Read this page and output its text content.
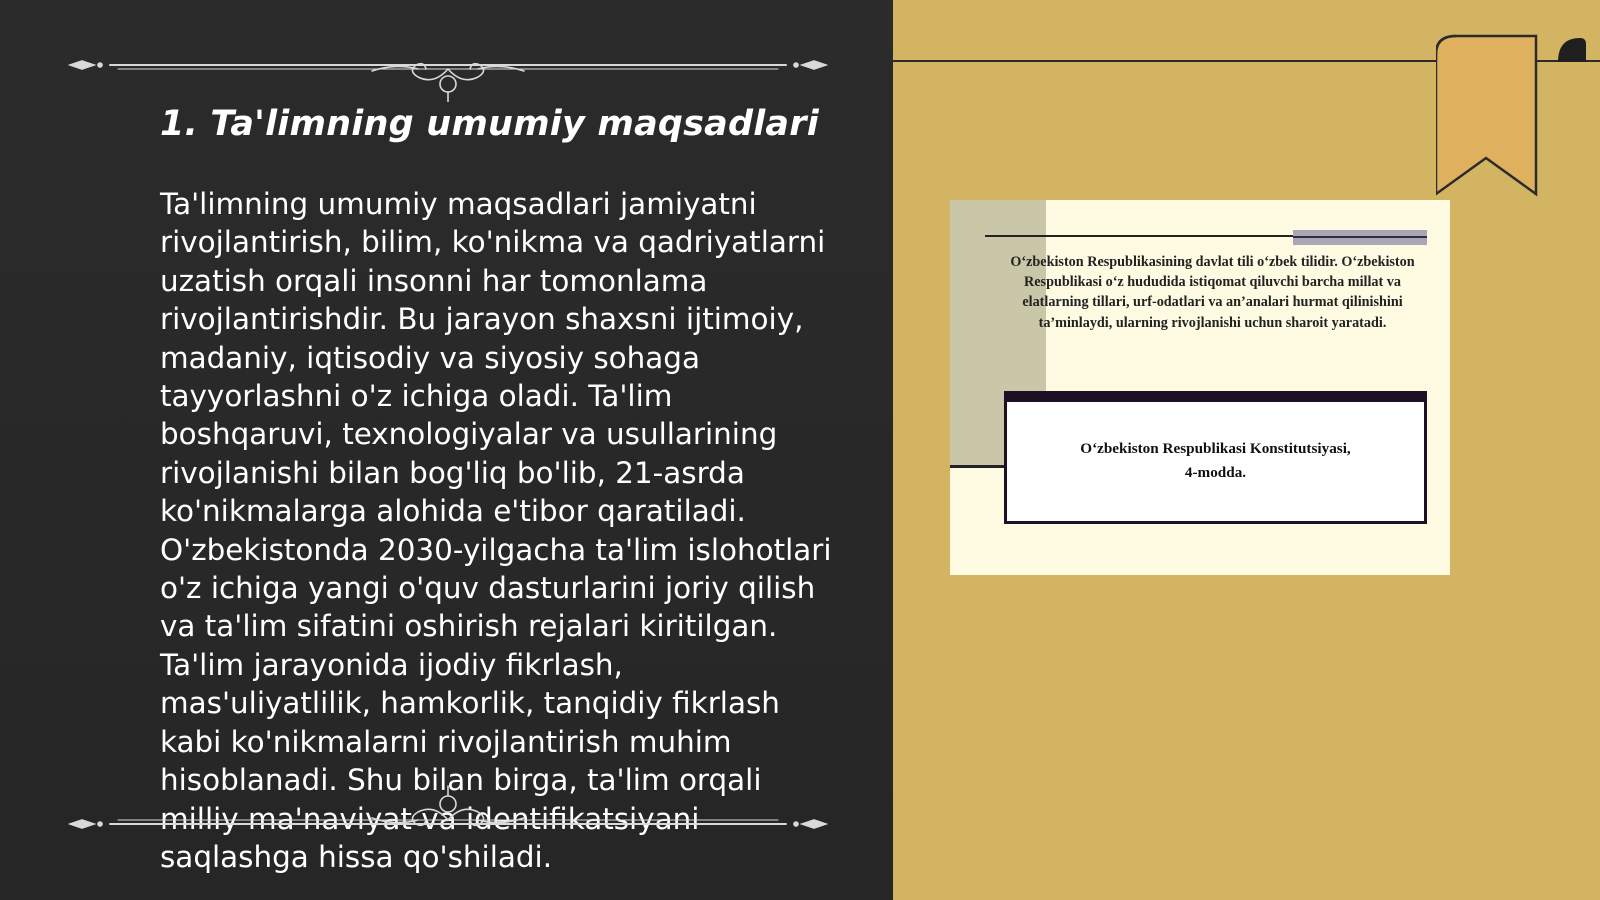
1. Ta'limning umumiy maqsadlari

Ta'limning umumiy maqsadlari jamiyatni rivojlantirish, bilim, ko'nikma va qadriyatlarni uzatish orqali insonni har tomonlama rivojlantirishdir. Bu jarayon shaxsni ijtimoiy, madaniy, iqtisodiy va siyosiy sohaga tayyorlashni o'z ichiga oladi. Ta'lim boshqaruvi, texnologiyalar va usullarining rivojlanishi bilan bog'liq bo'lib, 21-asrda ko'nikmalarga alohida e'tibor qaratiladi. O'zbekistonda 2030-yilgacha ta'lim islohotlari o'z ichiga yangi o'quv dasturlarini joriy qilish va ta'lim sifatini oshirish rejalari kiritilgan. Ta'lim jarayonida ijodiy fikrlash, mas'uliyatlilik, hamkorlik, tanqidiy fikrlash kabi ko'nikmalarni rivojlantirish muhim hisoblanadi. Shu bilan birga, ta'lim orqali milliy ma'naviyat va identifikatsiyani saqlashga hissa qo'shiladi.

O‘zbekiston Respublikasining davlat tili o‘zbek tilidir. O‘zbekiston Respublikasi o‘z hududida istiqomat qiluvchi barcha millat va elatlarning tillari, urf-odatlari va an’analari hurmat qilinishini ta’minlaydi, ularning rivojlanishi uchun sharoit yaratadi.

O‘zbekiston Respublikasi Konstitutsiyasi,

4-modda.
